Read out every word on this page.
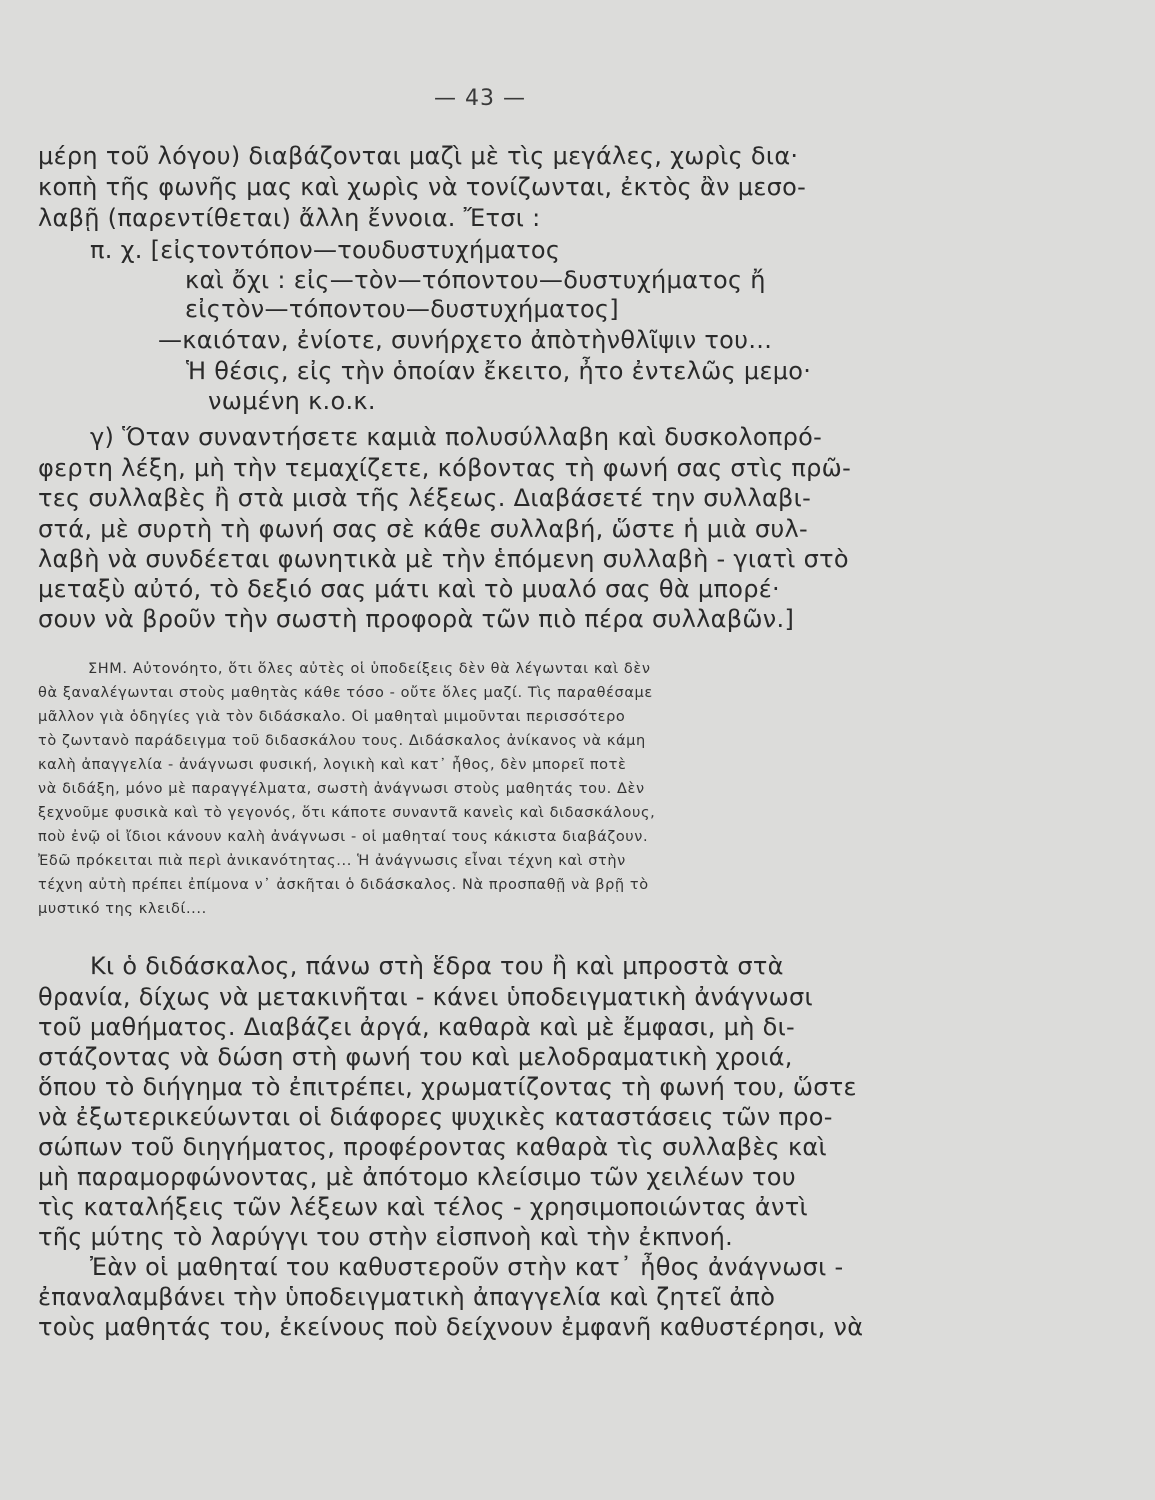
— 43 —
μέρη τοῦ λόγου) διαβάζονται μαζὶ μὲ τὶς μεγάλες, χωρὶς δια·
κοπὴ τῆς φωνῆς μας καὶ χωρὶς νὰ τονίζωνται, ἐκτὸς ἂν μεσο-
λαβῇ (παρεντίθεται) ἄλλη ἔννοια. Ἔτσι :
π. χ. [εἰςτοντόπον—τουδυστυχήματος
καὶ ὄχι : εἰς—τὸν—τόποντου—δυστυχήματος ἤ
εἰςτὸν—τόποντου—δυστυχήματος]
—καιόταν, ἐνίοτε, συνήρχετο ἀπὸτὴνθλῖψιν του...
Ἡ θέσις, εἰς τὴν ὁποίαν ἔκειτο, ἦτο ἐντελῶς μεμο·
νωμένη κ.ο.κ.
γ) Ὅταν συναντήσετε καμιὰ πολυσύλλαβη καὶ δυσκολοπρό-
φερτη λέξη, μὴ τὴν τεμαχίζετε, κόβοντας τὴ φωνή σας στὶς πρῶ-
τες συλλαβὲς ἢ στὰ μισὰ τῆς λέξεως. Διαβάσετέ την συλλαβι-
στά, μὲ συρτὴ τὴ φωνή σας σὲ κάθε συλλαβή, ὥστε ἡ μιὰ συλ-
λαβὴ νὰ συνδέεται φωνητικὰ μὲ τὴν ἑπόμενη συλλαβὴ - γιατὶ στὸ
μεταξὺ αὐτό, τὸ δεξιό σας μάτι καὶ τὸ μυαλό σας θὰ μπορέ·
σουν νὰ βροῦν τὴν σωστὴ προφορὰ τῶν πιὸ πέρα συλλαβῶν.]
ΣΗΜ. Αὐτονόητο, ὅτι ὅλες αὐτὲς οἱ ὑποδείξεις δὲν θὰ λέγωνται καὶ δὲν
θὰ ξαναλέγωνται στοὺς μαθητὰς κάθε τόσο - οὔτε ὅλες μαζί. Τὶς παραθέσαμε
μᾶλλον γιὰ ὁδηγίες γιὰ τὸν διδάσκαλο. Οἱ μαθηταὶ μιμοῦνται περισσότερο
τὸ ζωντανὸ παράδειγμα τοῦ διδασκάλου τους. Διδάσκαλος ἀνίκανος νὰ κάμη
καλὴ ἀπαγγελία - ἀνάγνωσι φυσική, λογικὴ καὶ κατ᾽ ἦθος, δὲν μπορεῖ ποτὲ
νὰ διδάξη, μόνο μὲ παραγγέλματα, σωστὴ ἀνάγνωσι στοὺς μαθητάς του. Δὲν
ξεχνοῦμε φυσικὰ καὶ τὸ γεγονός, ὅτι κάποτε συναντᾶ κανεὶς καὶ διδασκάλους,
ποὺ ἐνῷ οἱ ἴδιοι κάνουν καλὴ ἀνάγνωσι - οἱ μαθηταί τους κάκιστα διαβάζουν.
Ἐδῶ πρόκειται πιὰ περὶ ἀνικανότητας... Ἡ ἀνάγνωσις εἶναι τέχνη καὶ στὴν
τέχνη αὐτὴ πρέπει ἐπίμονα ν᾽ ἀσκῆται ὁ διδάσκαλος. Νὰ προσπαθῇ νὰ βρῇ τὸ
μυστικό της κλειδί....
Κι ὁ διδάσκαλος, πάνω στὴ ἕδρα του ἢ καὶ μπροστὰ στὰ
θρανία, δίχως νὰ μετακινῆται - κάνει ὑποδειγματικὴ ἀνάγνωσι
τοῦ μαθήματος. Διαβάζει ἀργά, καθαρὰ καὶ μὲ ἔμφασι, μὴ δι-
στάζοντας νὰ δώση στὴ φωνή του καὶ μελοδραματικὴ χροιά,
ὅπου τὸ διήγημα τὸ ἐπιτρέπει, χρωματίζοντας τὴ φωνή του, ὥστε
νὰ ἐξωτερικεύωνται οἱ διάφορες ψυχικὲς καταστάσεις τῶν προ-
σώπων τοῦ διηγήματος, προφέροντας καθαρὰ τὶς συλλαβὲς καὶ
μὴ παραμορφώνοντας, μὲ ἀπότομο κλείσιμο τῶν χειλέων του
τὶς καταλήξεις τῶν λέξεων καὶ τέλος - χρησιμοποιώντας ἀντὶ
τῆς μύτης τὸ λαρύγγι του στὴν εἰσπνοὴ καὶ τὴν ἐκπνοή.
Ἐὰν οἱ μαθηταί του καθυστεροῦν στὴν κατ᾽ ἦθος ἀνάγνωσι -
ἐπαναλαμβάνει τὴν ὑποδειγματικὴ ἀπαγγελία καὶ ζητεῖ ἀπὸ
τοὺς μαθητάς του, ἐκείνους ποὺ δείχνουν ἐμφανῆ καθυστέρησι, νὰ
